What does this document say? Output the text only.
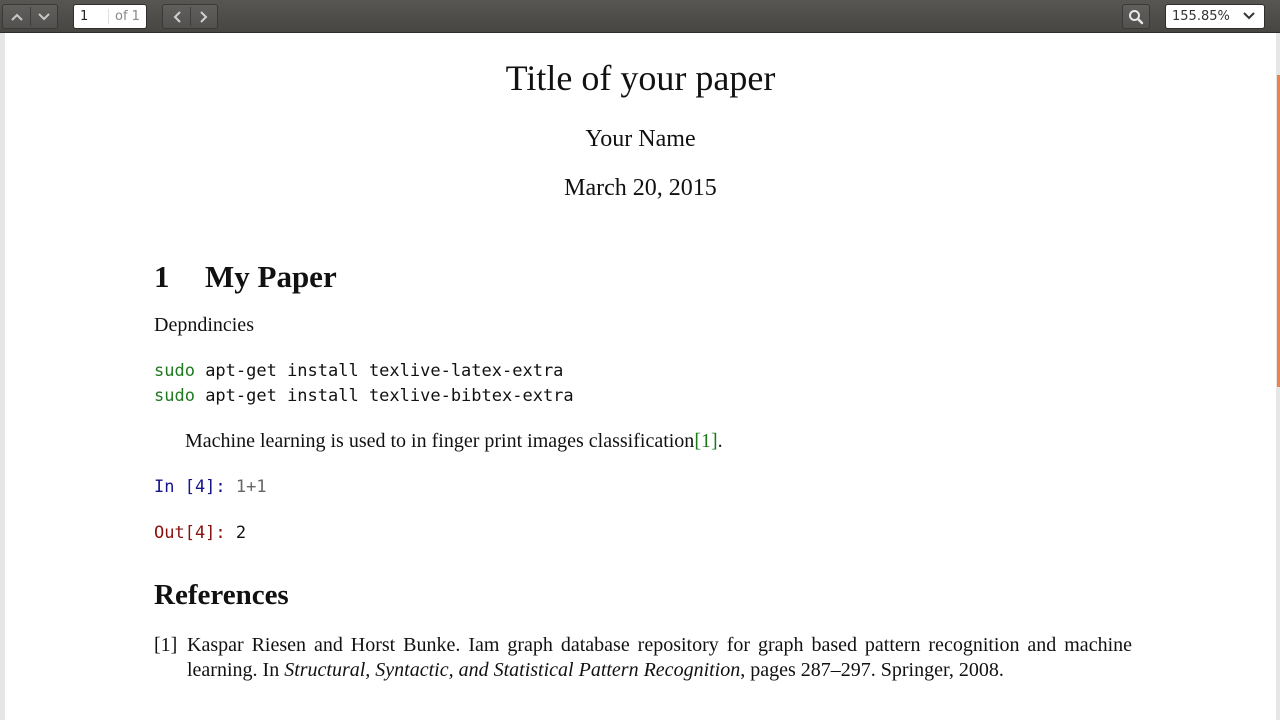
1
of 1	155.85%
Title of your paper
Your Name
March 20, 2015
1	My Paper
Depndincies
sudo apt-get install texlive-latex-extra
sudo apt-get install texlive-bibtex-extra
Machine learning is used to in finger print images classification[1].
In [4]: 1+1
Out[4]: 2
References
[1] Kaspar Riesen and Horst Bunke. Iam graph database repository for graph based pattern recognition and machine learning. In Structural, Syntactic, and Statistical Pattern Recognition, pages 287–297. Springer, 2008.
